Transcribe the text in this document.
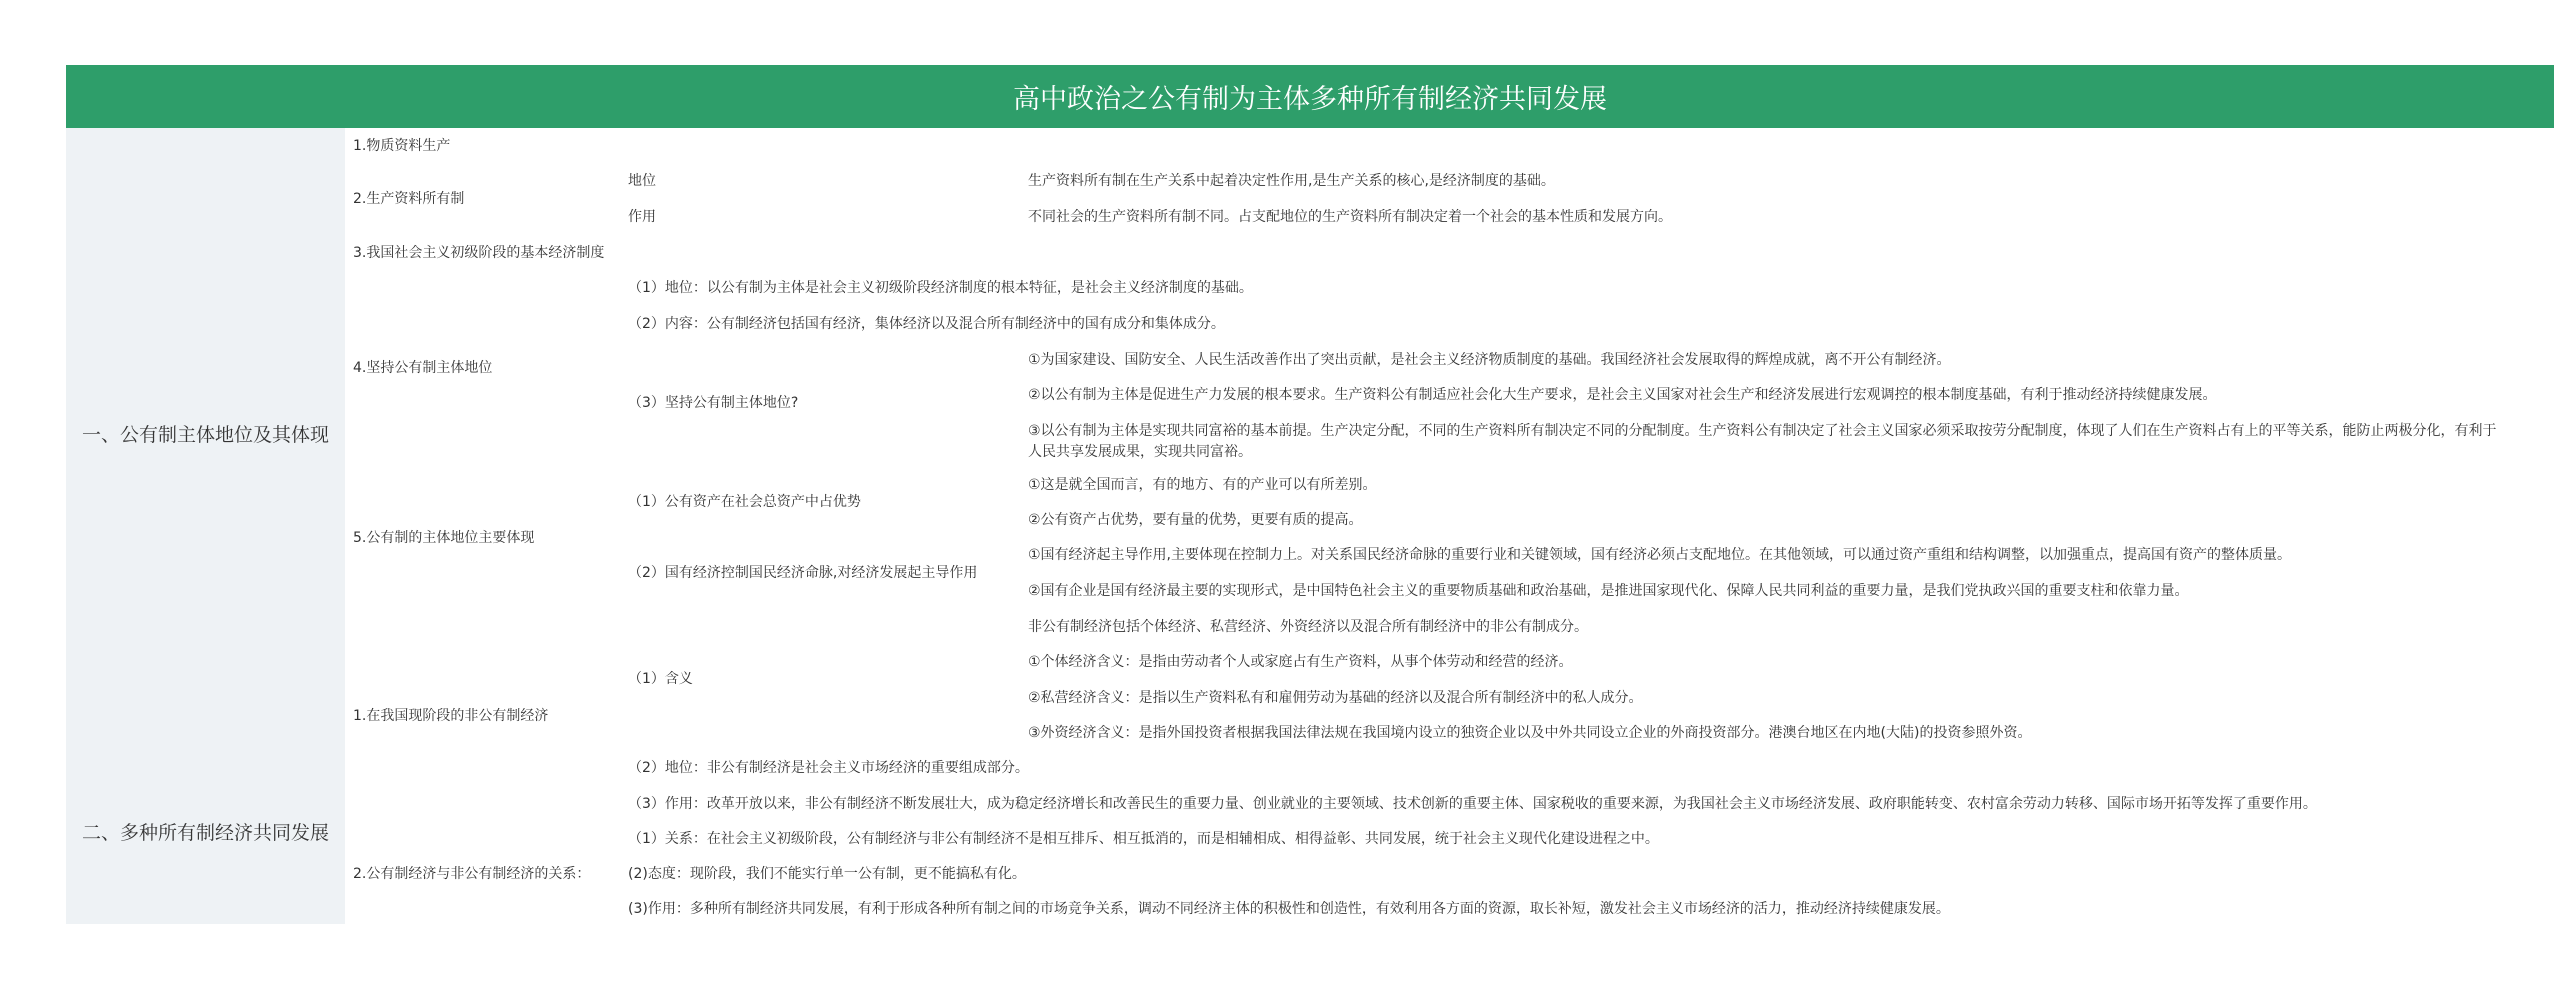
高中政治之公有制为主体多种所有制经济共同发展
一、公有制主体地位及其体现
1.物质资料生产
2.生产资料所有制
地位	生产资料所有制在生产关系中起着决定性作用,是生产关系的核心,是经济制度的基础。
作用	不同社会的生产资料所有制不同。占支配地位的生产资料所有制决定着一个社会的基本性质和发展方向。
3.我国社会主义初级阶段的基本经济制度
4.坚持公有制主体地位
（1）地位：以公有制为主体是社会主义初级阶段经济制度的根本特征，是社会主义经济制度的基础。
（2）内容：公有制经济包括国有经济，集体经济以及混合所有制经济中的国有成分和集体成分。
（3）坚持公有制主体地位?
①为国家建设、国防安全、人民生活改善作出了突出贡献，是社会主义经济物质制度的基础。我国经济社会发展取得的辉煌成就，离不开公有制经济。
②以公有制为主体是促进生产力发展的根本要求。生产资料公有制适应社会化大生产要求，是社会主义国家对社会生产和经济发展进行宏观调控的根本制度基础，有利于推动经济持续健康发展。
③以公有制为主体是实现共同富裕的基本前提。生产决定分配，不同的生产资料所有制决定不同的分配制度。生产资料公有制决定了社会主义国家必须采取按劳分配制度，体现了人们在生产资料占有上的平等关系，能防止两极分化，有利于人民共享发展成果，实现共同富裕。
5.公有制的主体地位主要体现
（1）公有资产在社会总资产中占优势
①这是就全国而言，有的地方、有的产业可以有所差别。
②公有资产占优势，要有量的优势，更要有质的提高。
（2）国有经济控制国民经济命脉,对经济发展起主导作用
①国有经济起主导作用,主要体现在控制力上。对关系国民经济命脉的重要行业和关键领域，国有经济必须占支配地位。在其他领域，可以通过资产重组和结构调整，以加强重点，提高国有资产的整体质量。
②国有企业是国有经济最主要的实现形式，是中国特色社会主义的重要物质基础和政治基础，是推进国家现代化、保障人民共同利益的重要力量，是我们党执政兴国的重要支柱和依靠力量。
二、多种所有制经济共同发展
1.在我国现阶段的非公有制经济
（1）含义
非公有制经济包括个体经济、私营经济、外资经济以及混合所有制经济中的非公有制成分。
①个体经济含义：是指由劳动者个人或家庭占有生产资料，从事个体劳动和经营的经济。
②私营经济含义：是指以生产资料私有和雇佣劳动为基础的经济以及混合所有制经济中的私人成分。
③外资经济含义：是指外国投资者根据我国法律法规在我国境内设立的独资企业以及中外共同设立企业的外商投资部分。港澳台地区在内地(大陆)的投资参照外资。
（2）地位：非公有制经济是社会主义市场经济的重要组成部分。
（3）作用：改革开放以来，非公有制经济不断发展壮大，成为稳定经济增长和改善民生的重要力量、创业就业的主要领域、技术创新的重要主体、国家税收的重要来源，为我国社会主义市场经济发展、政府职能转变、农村富余劳动力转移、国际市场开拓等发挥了重要作用。
2.公有制经济与非公有制经济的关系：
（1）关系：在社会主义初级阶段，公有制经济与非公有制经济不是相互排斥、相互抵消的，而是相辅相成、相得益彰、共同发展，统于社会主义现代化建设进程之中。
(2)态度：现阶段，我们不能实行单一公有制，更不能搞私有化。
(3)作用：多种所有制经济共同发展，有利于形成各种所有制之间的市场竞争关系，调动不同经济主体的积极性和创造性，有效利用各方面的资源，取长补短，激发社会主义市场经济的活力，推动经济持续健康发展。
